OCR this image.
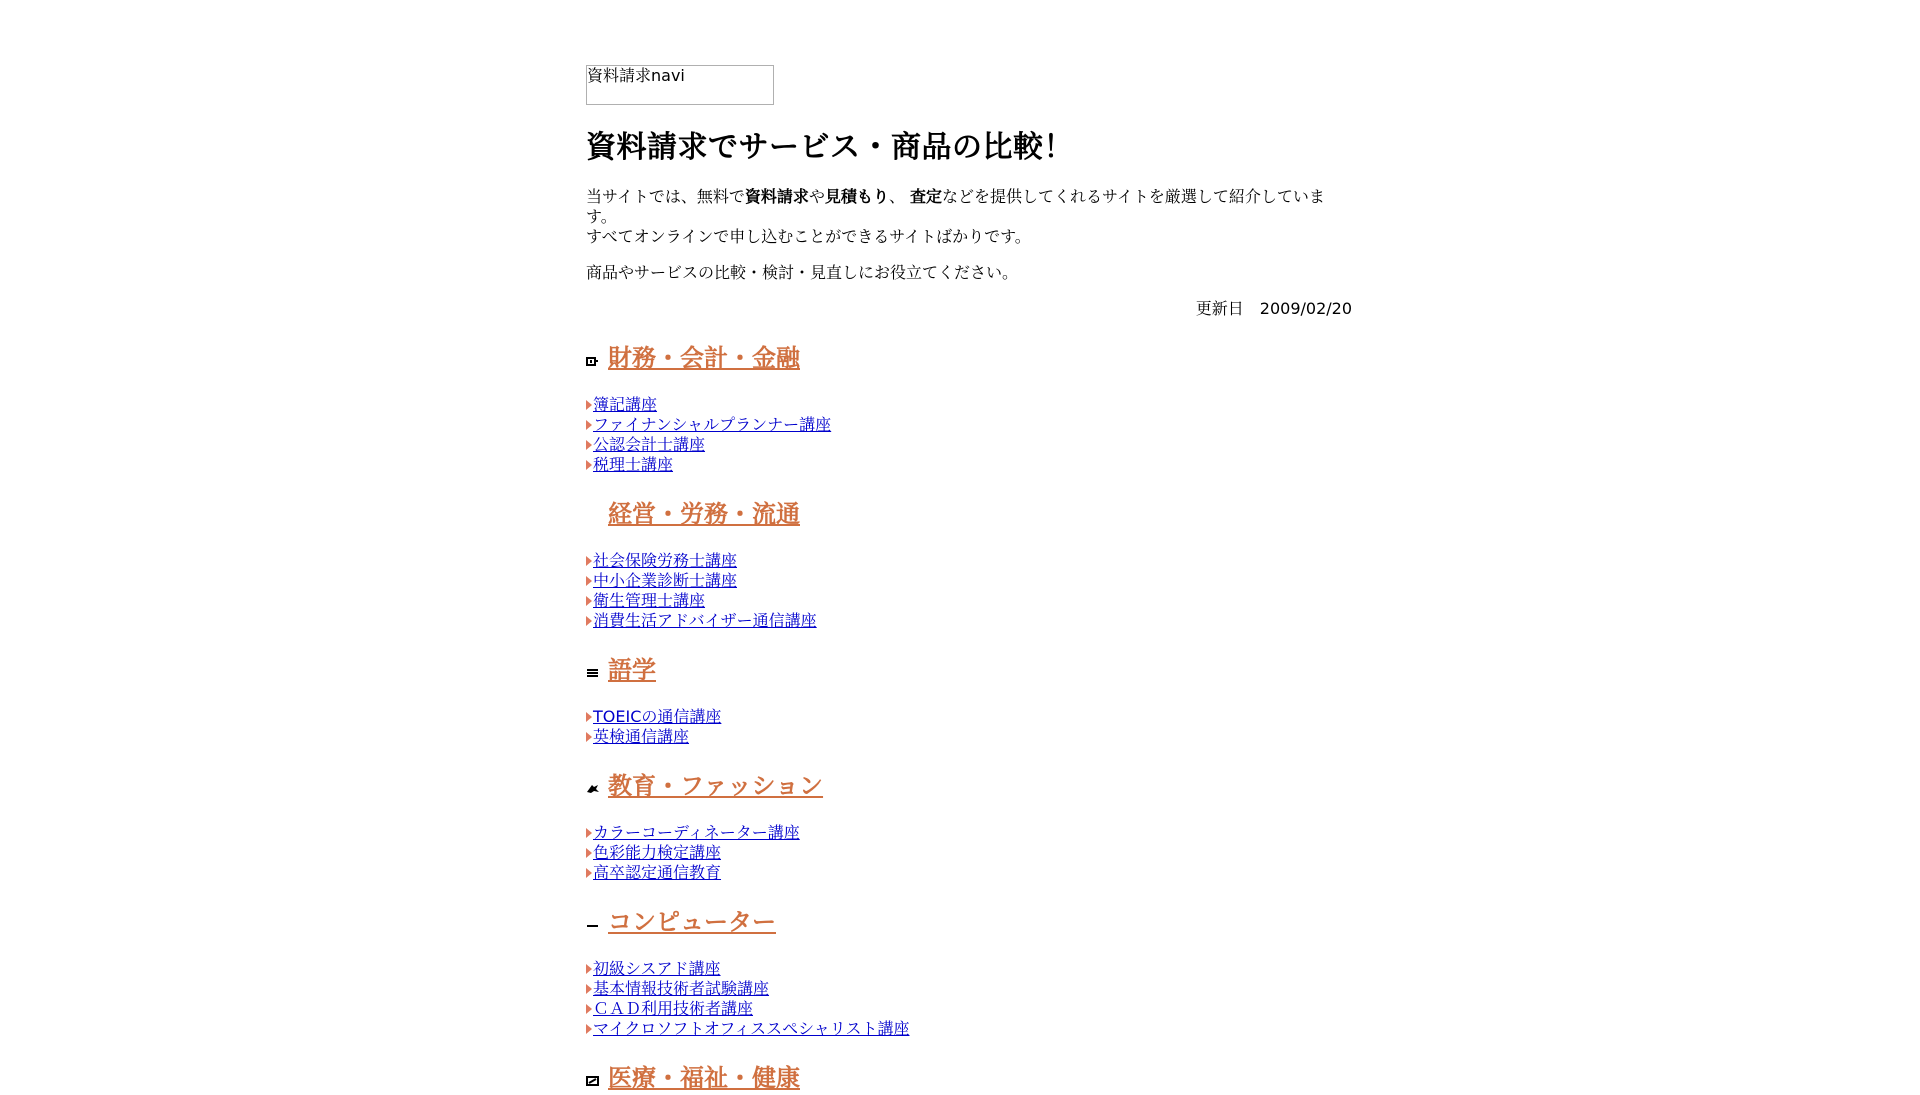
資料請求navi
資料請求でサービス・商品の比較！

当サイトでは、無料で資料請求や見積もり、 査定などを提供してくれるサイトを厳選して紹介しています。
すべてオンラインで申し込むことができるサイトばかりです。

商品やサービスの比較・検討・見直しにお役立てください。

更新日　 2009/02/20
財務・会計・金融
簿記講座
ファイナンシャルプランナー講座
公認会計士講座
税理士講座
経営・労務・流通
社会保険労務士講座
中小企業診断士講座
衛生管理士講座
消費生活アドバイザー通信講座
語学
TOEICの通信講座
英検通信講座
教育・ファッション
カラーコーディネーター講座
色彩能力検定講座
高卒認定通信教育
コンピューター
初級シスアド講座
基本情報技術者試験講座
ＣＡＤ利用技術者講座
マイクロソフトオフィススペシャリスト講座
医療・福祉・健康
